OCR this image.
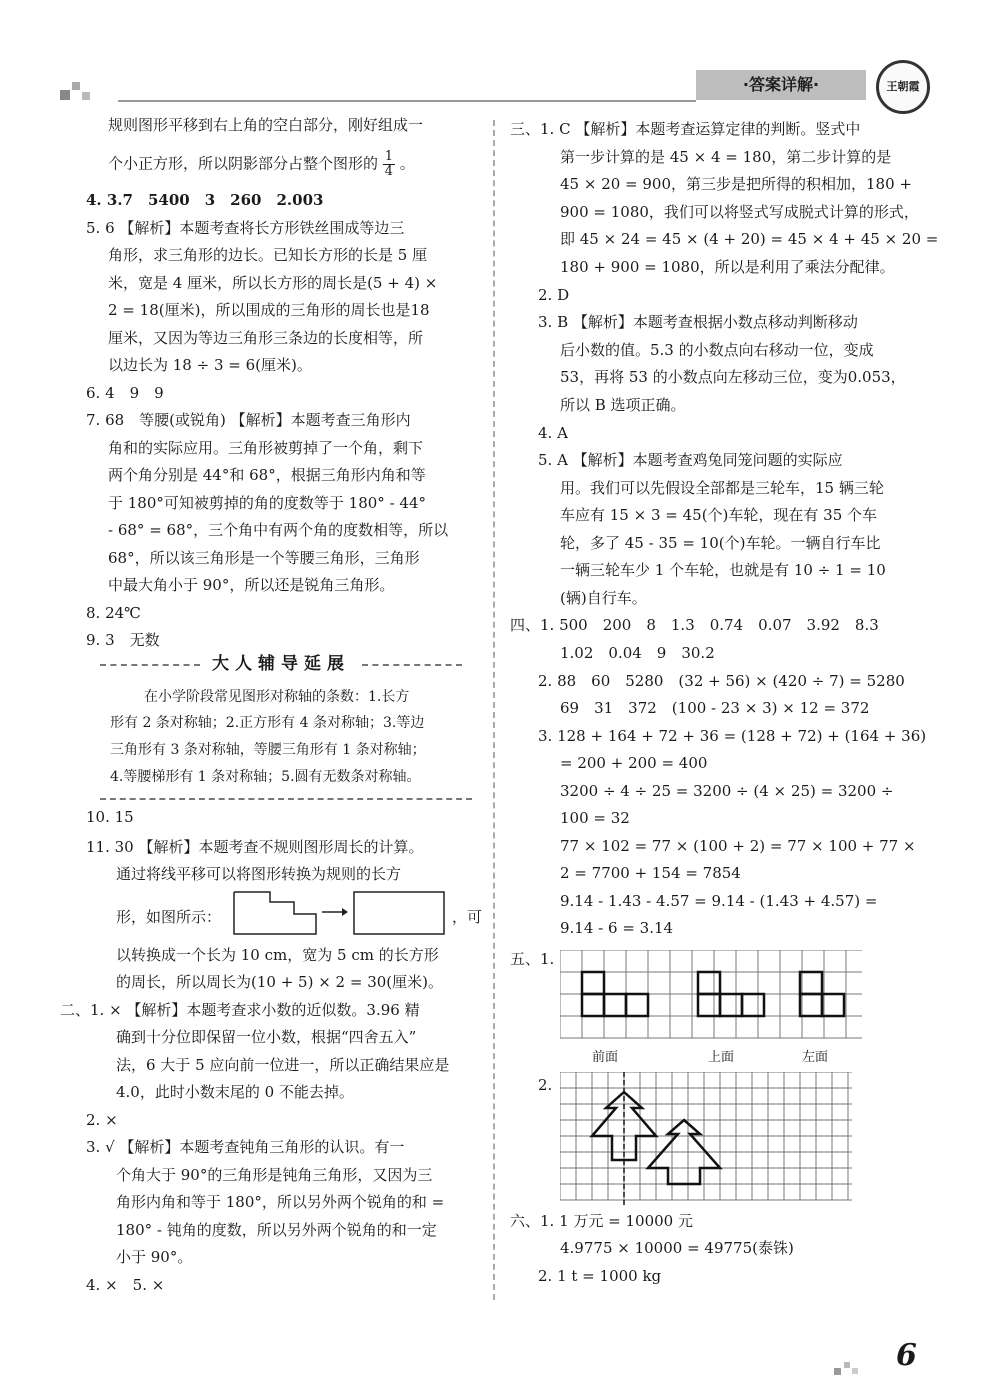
·答案详解·	王朝霞
规则图形平移到右上角的空白部分，刚好组成一
个小正方形，所以阴影部分占整个图形的 $\frac{1}{4}$ 。
4. 3.7　5400　3　260　2.003
5. 6 【解析】本题考查将长方形铁丝围成等边三
角形，求三角形的边长。已知长方形的长是 5 厘
米，宽是 4 厘米，所以长方形的周长是(5 + 4) ×
2 = 18(厘米)，所以围成的三角形的周长也是18
厘米，又因为等边三角形三条边的长度相等，所
以边长为 18 ÷ 3 = 6(厘米)。
6. 4　9　9
7. 68　等腰(或锐角) 【解析】本题考查三角形内
角和的实际应用。三角形被剪掉了一个角，剩下
两个角分别是 44°和 68°，根据三角形内角和等
于 180°可知被剪掉的角的度数等于 180° - 44°
- 68° = 68°，三个角中有两个角的度数相等，所以
68°，所以该三角形是一个等腰三角形，三角形
中最大角小于 90°，所以还是锐角三角形。
8. 24℃
9. 3　无数
大人辅导延展
在小学阶段常见图形对称轴的条数：1.长方
形有 2 条对称轴；2.正方形有 4 条对称轴；3.等边
三角形有 3 条对称轴，等腰三角形有 1 条对称轴；
4.等腰梯形有 1 条对称轴；5.圆有无数条对称轴。
10. 15
11. 30 【解析】本题考查不规则图形周长的计算。
通过将线平移可以将图形转换为规则的长方
形，如图所示：	，可
以转换成一个长为 10 cm，宽为 5 cm 的长方形
的周长，所以周长为(10 + 5) × 2 = 30(厘米)。
二、1. × 【解析】本题考查求小数的近似数。3.96 精
确到十分位即保留一位小数，根据“四舍五入”
法，6 大于 5 应向前一位进一，所以正确结果应是
4.0，此时小数末尾的 0 不能去掉。
2. ×
3. √ 【解析】本题考查钝角三角形的认识。有一
个角大于 90°的三角形是钝角三角形，又因为三
角形内角和等于 180°，所以另外两个锐角的和 =
180° - 钝角的度数，所以另外两个锐角的和一定
小于 90°。
4. ×　5. ×
三、1. C 【解析】本题考查运算定律的判断。竖式中
第一步计算的是 45 × 4 = 180，第二步计算的是
45 × 20 = 900，第三步是把所得的积相加，180 +
900 = 1080，我们可以将竖式写成脱式计算的形式，
即 45 × 24 = 45 × (4 + 20) = 45 × 4 + 45 × 20 =
180 + 900 = 1080，所以是利用了乘法分配律。
2. D
3. B 【解析】本题考查根据小数点移动判断移动
后小数的值。5.3 的小数点向右移动一位，变成
53，再将 53 的小数点向左移动三位，变为0.053，
所以 B 选项正确。
4. A
5. A 【解析】本题考查鸡兔同笼问题的实际应
用。我们可以先假设全部都是三轮车，15 辆三轮
车应有 15 × 3 = 45(个)车轮，现在有 35 个车
轮，多了 45 - 35 = 10(个)车轮。一辆自行车比
一辆三轮车少 1 个车轮，也就是有 10 ÷ 1 = 10
(辆)自行车。
四、1. 500　200　8　1.3　0.74　0.07　3.92　8.3
1.02　0.04　9　30.2
2. 88　60　5280　(32 + 56) × (420 ÷ 7) = 5280
69　31　372　(100 - 23 × 3) × 12 = 372
3. 128 + 164 + 72 + 36 = (128 + 72) + (164 + 36)
= 200 + 200 = 400
3200 ÷ 4 ÷ 25 = 3200 ÷ (4 × 25) = 3200 ÷
100 = 32
77 × 102 = 77 × (100 + 2) = 77 × 100 + 77 ×
2 = 7700 + 154 = 7854
9.14 - 1.43 - 4.57 = 9.14 - (1.43 + 4.57) =
9.14 - 6 = 3.14
五、1.
2.
六、1. 1 万元 = 10000 元
4.9775 × 10000 = 49775(泰铢)
2. 1 t = 1000 kg
前面	上面	左面
6
